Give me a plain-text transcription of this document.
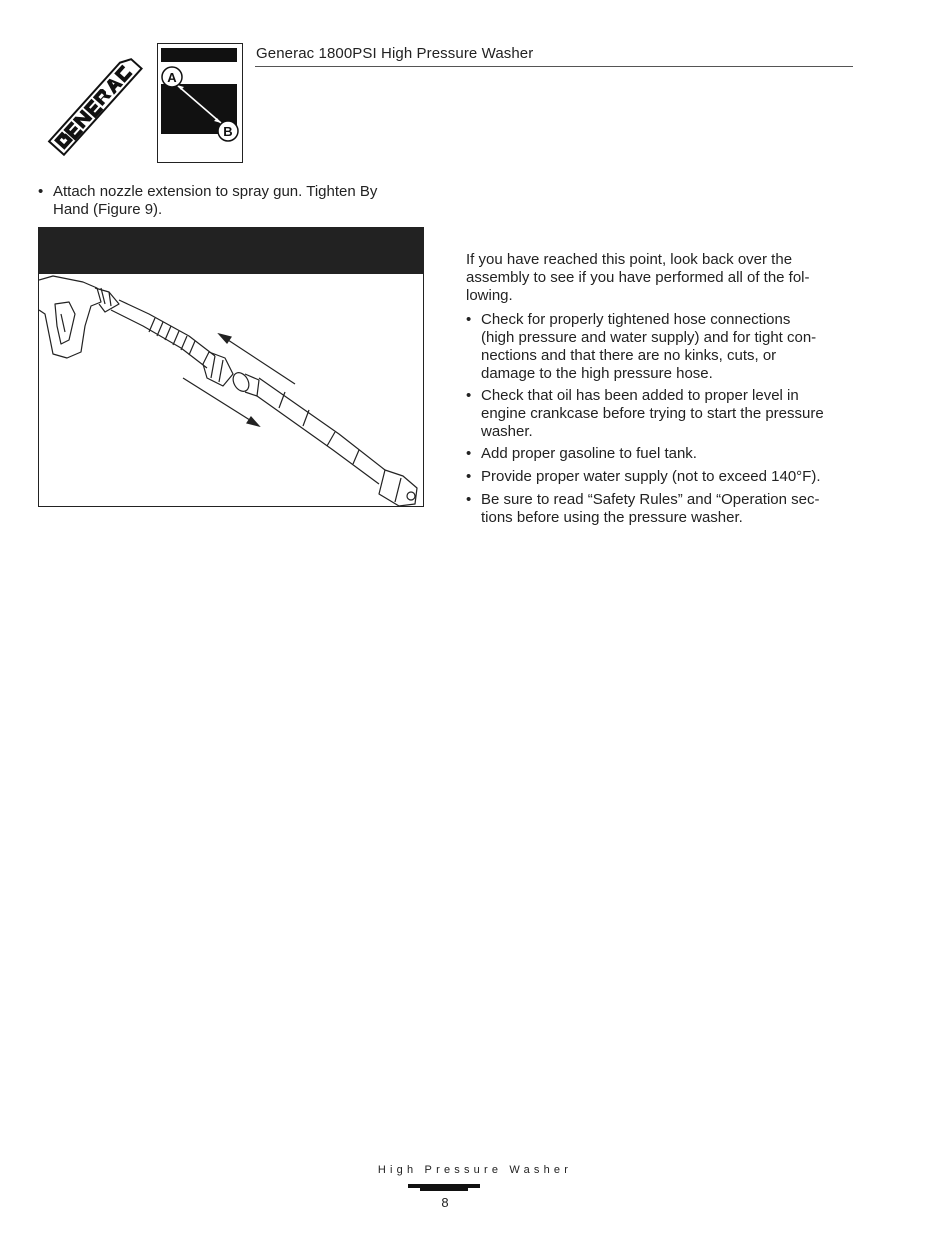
Generac 1800PSI High Pressure Washer
A
B
• Attach nozzle extension to spray gun. Tighten By
Hand (Figure 9).
If you have reached this point, look back over the
assembly to see if you have performed all of the fol-
lowing.
• Check for properly tightened hose connections
(high pressure and water supply) and for tight con-
nections and that there are no kinks, cuts, or
damage to the high pressure hose.
• Check that oil has been added to proper level in
engine crankcase before trying to start the pressure
washer.
• Add proper gasoline to fuel tank.
• Provide proper water supply (not to exceed 140°F).
• Be sure to read “Safety Rules” and “Operation sec-
tions before using the pressure washer.
High Pressure Washer
8
